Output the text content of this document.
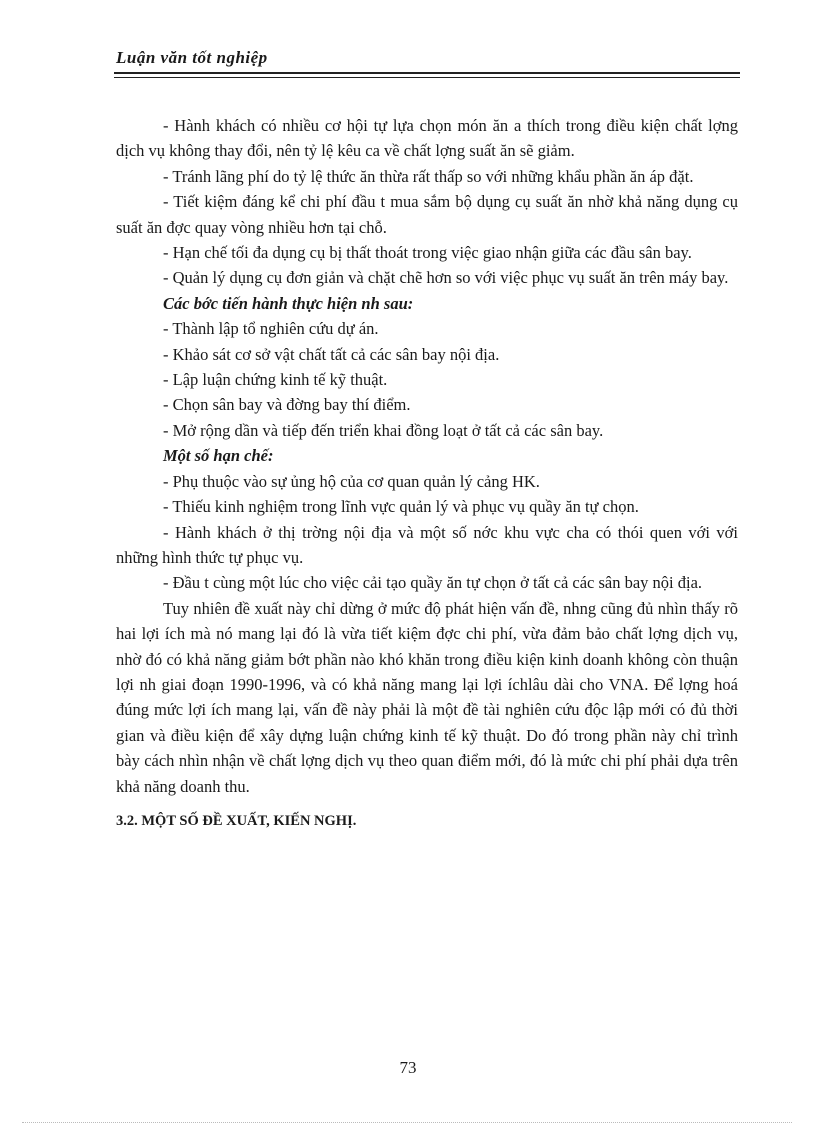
Luận văn tốt nghiệp

- Hành khách có nhiều cơ hội tự lựa chọn món ăn a thích trong điều kiện chất lợng dịch vụ không thay đổi, nên tỷ lệ kêu ca về chất lợng suất ăn sẽ giảm.

- Tránh lãng phí do tỷ lệ thức ăn thừa rất thấp so với những khẩu phần ăn áp đặt.

- Tiết kiệm đáng kể chi phí đầu t mua sắm bộ dụng cụ suất ăn nhờ khả năng dụng cụ suất ăn đợc quay vòng nhiều hơn tại chỗ.

- Hạn chế tối đa dụng cụ bị thất thoát trong việc giao nhận giữa các đầu sân bay.

- Quản lý dụng cụ đơn giản và chặt chẽ hơn so với việc phục vụ suất ăn trên máy bay.

Các bớc tiến hành thực hiện nh sau:

- Thành lập tổ nghiên cứu dự án.

- Khảo sát cơ sở vật chất tất cả các sân bay nội địa.

- Lập luận chứng kinh tế kỹ thuật.

- Chọn sân bay và đờng bay thí điểm.

- Mở rộng dần và tiếp đến triển khai đồng loạt ở tất cả các sân bay.

Một số hạn chế:

- Phụ thuộc vào sự ủng hộ của cơ quan quản lý cảng HK.

- Thiếu kinh nghiệm trong lĩnh vực quản lý và phục vụ quầy ăn tự chọn.

- Hành khách ở thị trờng nội địa và một số nớc khu vực cha có thói quen với với những hình thức tự phục vụ.

- Đầu t cùng một lúc cho việc cải tạo quầy ăn tự chọn ở tất cả các sân bay nội địa.

Tuy nhiên đề xuất này chỉ dừng ở mức độ phát hiện vấn đề, nhng cũng đủ nhìn thấy rõ hai lợi ích mà nó mang lại đó là vừa tiết kiệm đợc chi phí, vừa đảm bảo chất lợng dịch vụ, nhờ đó có khả năng giảm bớt phần nào khó khăn trong điều kiện kinh doanh không còn thuận lợi nh giai đoạn 1990-1996, và có khả năng mang lại lợi íchlâu dài cho VNA. Để lợng hoá đúng mức lợi ích mang lại, vấn đề này phải là một đề tài nghiên cứu độc lập mới có đủ thời gian và điều kiện để xây dựng luận chứng kinh tế kỹ thuật. Do đó trong phần này chỉ trình bày cách nhìn nhận về chất lợng dịch vụ theo quan điểm mới, đó là mức chi phí phải dựa trên khả năng doanh thu.

3.2. MỘT SỐ ĐỀ XUẤT, KIẾN NGHỊ.

73
